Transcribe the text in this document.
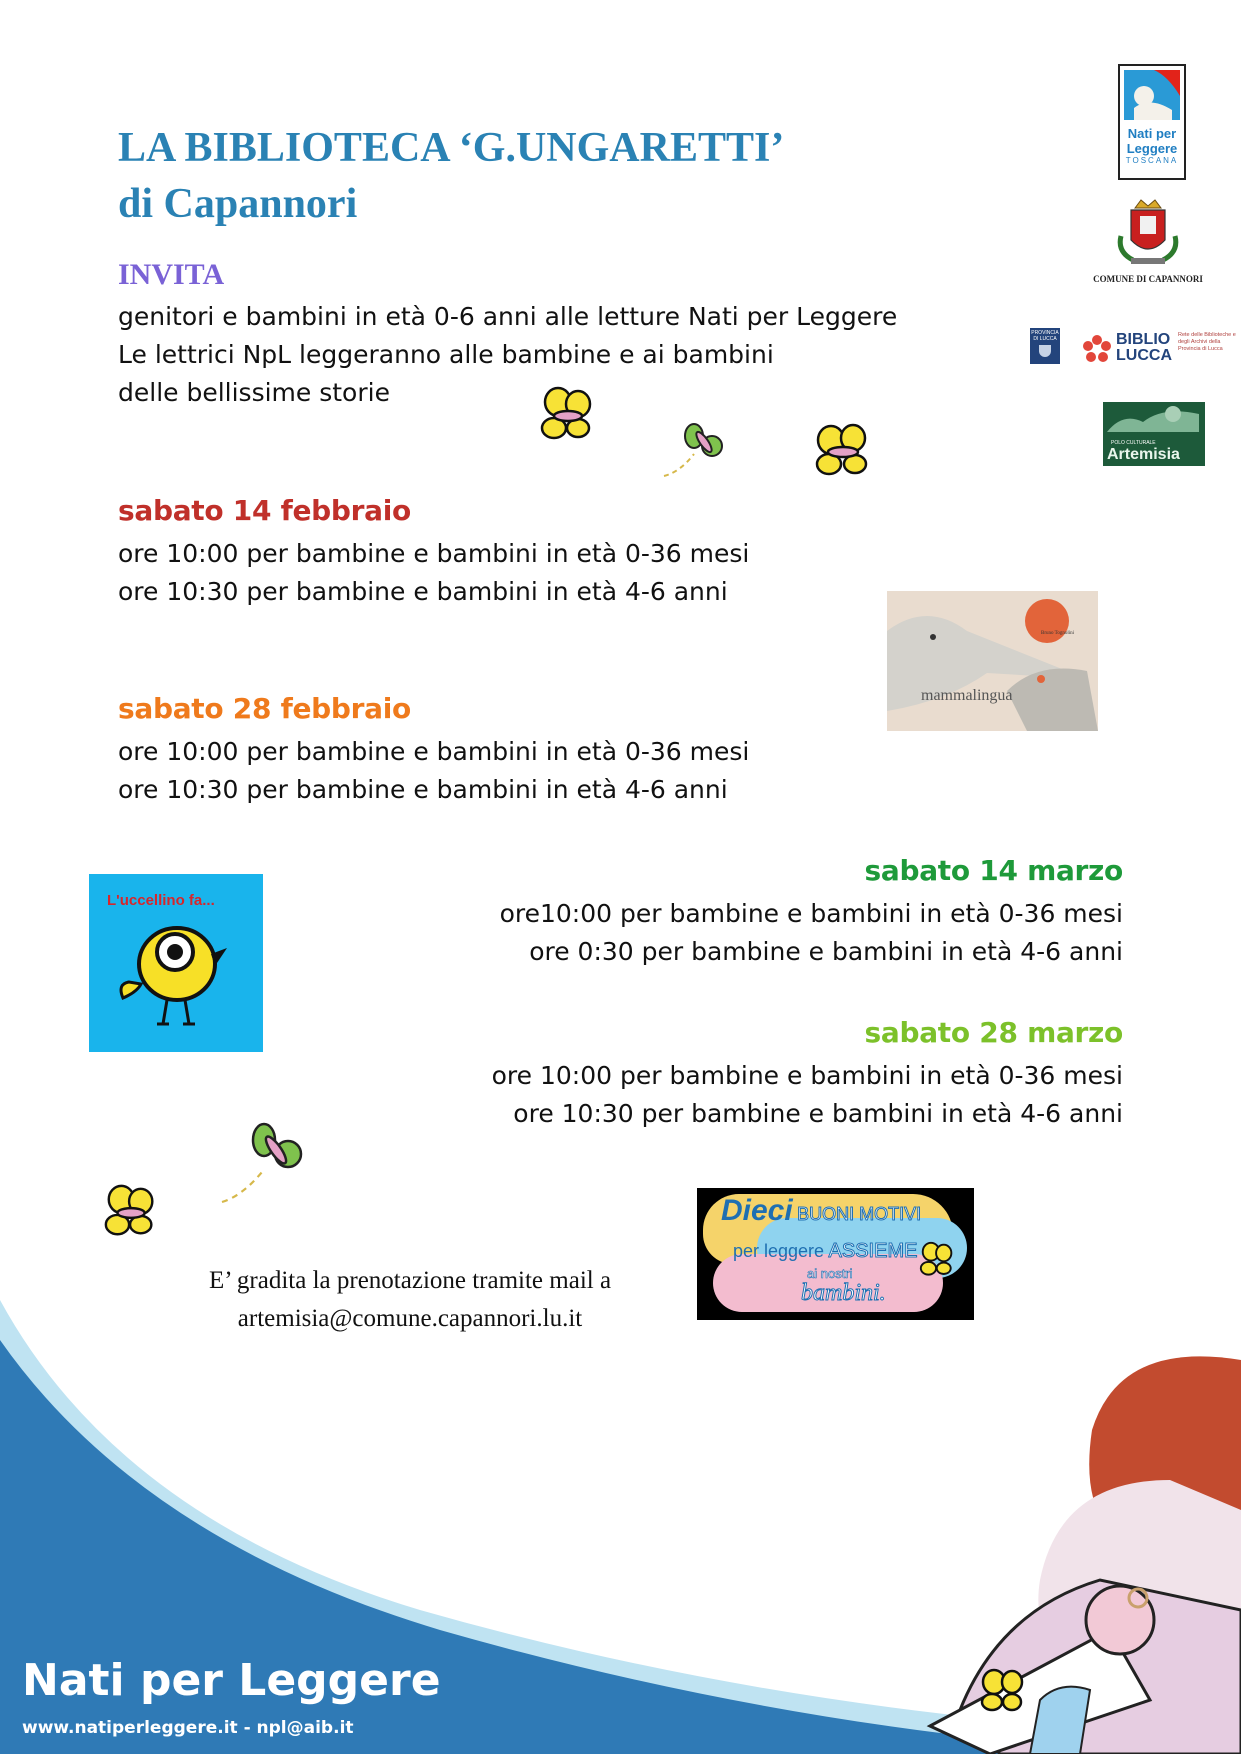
LA BIBLIOTECA ‘G.UNGARETTI’
di Capannori
INVITA
genitori e bambini in età 0-6 anni alle letture Nati per Leggere
Le lettrici NpL leggeranno alle bambine e ai bambini
delle bellissime storie
Nati per
Leggere
TOSCANA
COMUNE DI CAPANNORI
PROVINCIA DI LUCCA	BIBLIO
LUCCA
Rete delle Biblioteche e degli Archivi della Provincia di Lucca
POLO CULTURALE
Artemisia
sabato 14 febbraio
ore 10:00 per bambine e bambini in età 0-36 mesi
ore 10:30 per bambine e bambini in età 4-6 anni
sabato 28 febbraio
ore 10:00 per bambine e bambini in età 0-36 mesi
ore 10:30 per bambine e bambini in età 4-6 anni
sabato 14 marzo
ore10:00 per bambine e bambini in età 0-36 mesi
ore 0:30 per bambine e bambini in età 4-6 anni
sabato 28 marzo
ore 10:00 per bambine e bambini in età 0-36 mesi
ore 10:30 per bambine e bambini in età 4-6 anni
Bruno Tognolini
mammalingua
L'uccellino fa...
Dieci BUONI MOTIVI
per leggere ASSIEME
ai nostri
bambini.
E’ gradita la prenotazione tramite mail a
artemisia@comune.capannori.lu.it
Nati per Leggere
www.natiperleggere.it - npl@aib.it
